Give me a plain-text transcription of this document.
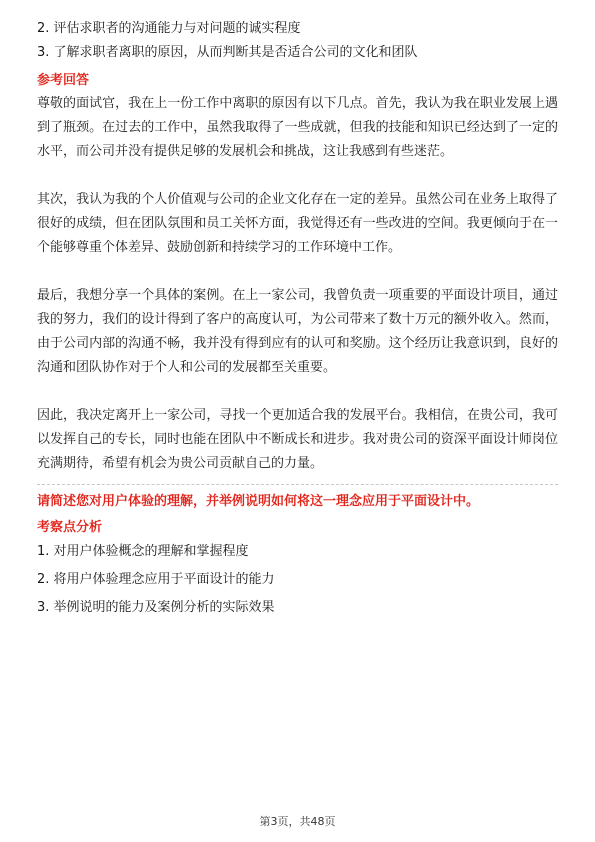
2. 评估求职者的沟通能力与对问题的诚实程度

3. 了解求职者离职的原因，从而判断其是否适合公司的文化和团队

参考回答

尊敬的面试官，我在上一份工作中离职的原因有以下几点。首先，我认为我在职业发展上遇到了瓶颈。在过去的工作中，虽然我取得了一些成就，但我的技能和知识已经达到了一定的水平，而公司并没有提供足够的发展机会和挑战，这让我感到有些迷茫。

其次，我认为我的个人价值观与公司的企业文化存在一定的差异。虽然公司在业务上取得了很好的成绩，但在团队氛围和员工关怀方面，我觉得还有一些改进的空间。我更倾向于在一个能够尊重个体差异、鼓励创新和持续学习的工作环境中工作。

最后，我想分享一个具体的案例。在上一家公司，我曾负责一项重要的平面设计项目，通过我的努力，我们的设计得到了客户的高度认可，为公司带来了数十万元的额外收入。然而，由于公司内部的沟通不畅，我并没有得到应有的认可和奖励。这个经历让我意识到，良好的沟通和团队协作对于个人和公司的发展都至关重要。

因此，我决定离开上一家公司，寻找一个更加适合我的发展平台。我相信，在贵公司，我可以发挥自己的专长，同时也能在团队中不断成长和进步。我对贵公司的资深平面设计师岗位充满期待，希望有机会为贵公司贡献自己的力量。

请简述您对用户体验的理解，并举例说明如何将这一理念应用于平面设计中。

考察点分析

1. 对用户体验概念的理解和掌握程度

2. 将用户体验理念应用于平面设计的能力

3. 举例说明的能力及案例分析的实际效果

第3页，共48页
